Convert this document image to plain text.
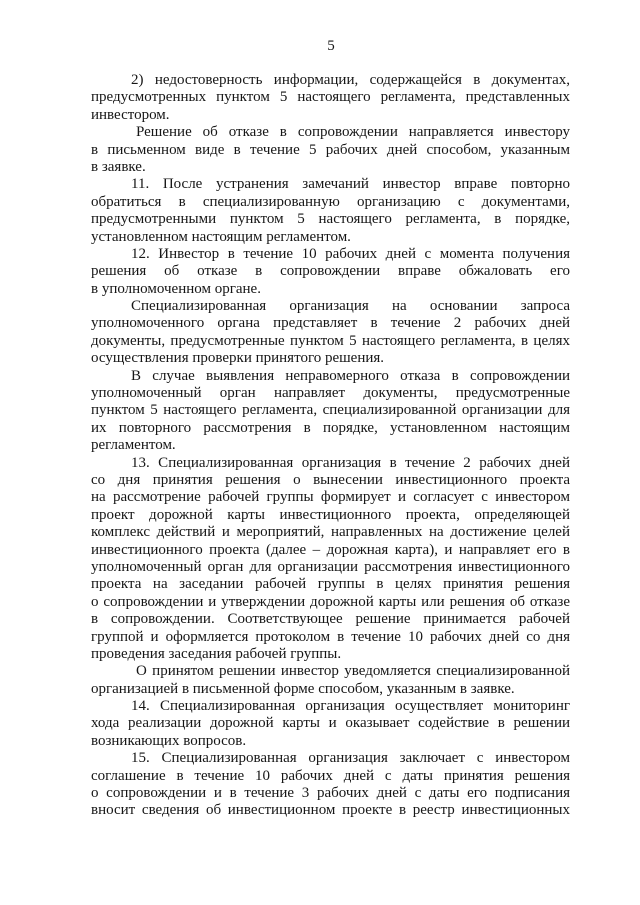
5
2) недостоверность информации, содержащейся в документах,
предусмотренных пунктом 5 настоящего регламента, представленных
инвестором.
Решение об отказе в сопровождении направляется инвестору
в письменном виде в течение 5 рабочих дней способом, указанным
в заявке.
11. После устранения замечаний инвестор вправе повторно
обратиться в специализированную организацию с документами,
предусмотренными пунктом 5 настоящего регламента, в порядке,
установленном настоящим регламентом.
12. Инвестор в течение 10 рабочих дней с момента получения
решения об отказе в сопровождении вправе обжаловать его
в уполномоченном органе.
Специализированная организация на основании запроса
уполномоченного органа представляет в течение 2 рабочих дней
документы, предусмотренные пунктом 5 настоящего регламента, в целях
осуществления проверки принятого решения.
В случае выявления неправомерного отказа в сопровождении
уполномоченный орган направляет документы, предусмотренные
пунктом 5 настоящего регламента, специализированной организации для
их повторного рассмотрения в порядке, установленном настоящим
регламентом.
13. Специализированная организация в течение 2 рабочих дней
со дня принятия решения о вынесении инвестиционного проекта
на рассмотрение рабочей группы формирует и согласует с инвестором
проект дорожной карты инвестиционного проекта, определяющей
комплекс действий и мероприятий, направленных на достижение целей
инвестиционного проекта (далее – дорожная карта), и направляет его в
уполномоченный орган для организации рассмотрения инвестиционного
проекта на заседании рабочей группы в целях принятия решения
о сопровождении и утверждении дорожной карты или решения об отказе
в сопровождении. Соответствующее решение принимается рабочей
группой и оформляется протоколом в течение 10 рабочих дней со дня
проведения заседания рабочей группы.
О принятом решении инвестор уведомляется специализированной
организацией в письменной форме способом, указанным в заявке.
14. Специализированная организация осуществляет мониторинг
хода реализации дорожной карты и оказывает содействие в решении
возникающих вопросов.
15. Специализированная организация заключает с инвестором
соглашение в течение 10 рабочих дней с даты принятия решения
о сопровождении и в течение 3 рабочих дней с даты его подписания
вносит сведения об инвестиционном проекте в реестр инвестиционных
